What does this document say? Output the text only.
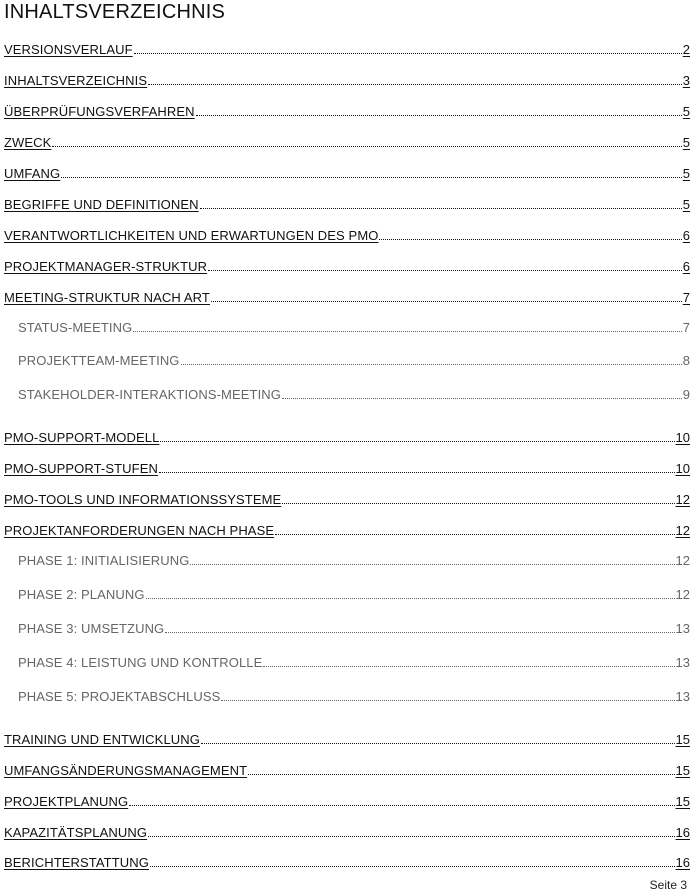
INHALTSVERZEICHNIS
VERSIONSVERLAUF	2
INHALTSVERZEICHNIS	3
ÜBERPRÜFUNGSVERFAHREN	5
ZWECK	5
UMFANG	5
BEGRIFFE UND DEFINITIONEN	5
VERANTWORTLICHKEITEN UND ERWARTUNGEN DES PMO	6
PROJEKTMANAGER-STRUKTUR	6
MEETING-STRUKTUR NACH ART	7
STATUS-MEETING	7
PROJEKTTEAM-MEETING	8
STAKEHOLDER-INTERAKTIONS-MEETING	9
PMO-SUPPORT-MODELL	10
PMO-SUPPORT-STUFEN	10
PMO-TOOLS UND INFORMATIONSSYSTEME	12
PROJEKTANFORDERUNGEN NACH PHASE	12
PHASE 1: INITIALISIERUNG	12
PHASE 2: PLANUNG	12
PHASE 3: UMSETZUNG	13
PHASE 4: LEISTUNG UND KONTROLLE	13
PHASE 5: PROJEKTABSCHLUSS	13
TRAINING UND ENTWICKLUNG	15
UMFANGSÄNDERUNGSMANAGEMENT	15
PROJEKTPLANUNG	15
KAPAZITÄTSPLANUNG	16
BERICHTERSTATTUNG	16
Seite 3
